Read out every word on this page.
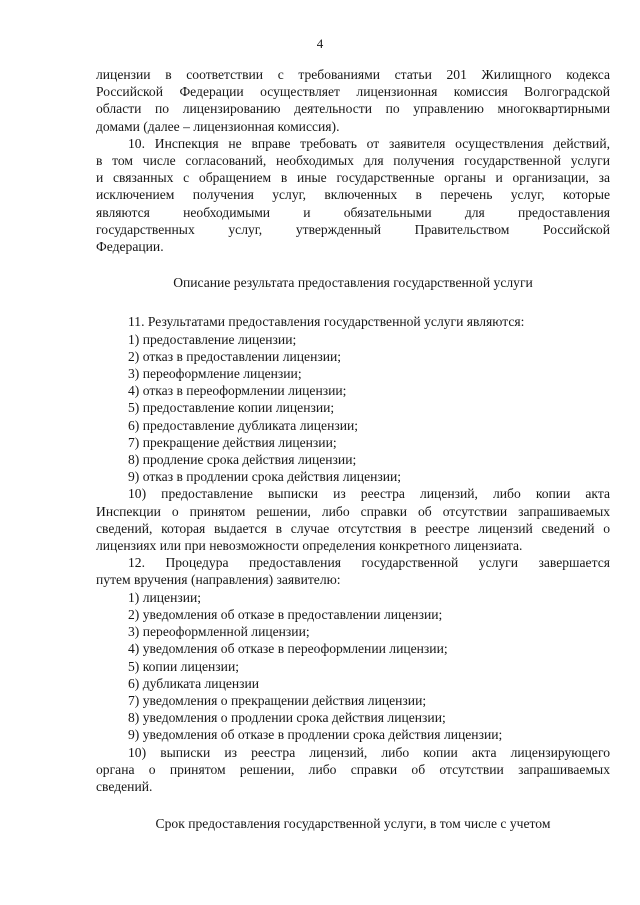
4

лицензии в соответствии с требованиями статьи 201 Жилищного кодекса

Российской Федерации осуществляет лицензионная комиссия Волгоградской

области по лицензированию деятельности по управлению многоквартирными

домами (далее – лицензионная комиссия).

10. Инспекция не вправе требовать от заявителя осуществления действий,

в том числе согласований, необходимых для получения государственной услуги

и связанных с обращением в иные государственные органы и организации, за

исключением получения услуг, включенных в перечень услуг, которые

являются необходимыми и обязательными для предоставления

государственных услуг, утвержденный Правительством Российской

Федерации.

Описание результата предоставления государственной услуги

11. Результатами предоставления государственной услуги являются:

1) предоставление лицензии;

2) отказ в предоставлении лицензии;

3) переоформление лицензии;

4) отказ в переоформлении лицензии;

5) предоставление копии лицензии;

6) предоставление дубликата лицензии;

7) прекращение действия лицензии;

8) продление срока действия лицензии;

9) отказ в продлении срока действия лицензии;

10) предоставление выписки из реестра лицензий, либо копии акта

Инспекции о принятом решении, либо справки об отсутствии запрашиваемых

сведений, которая выдается в случае отсутствия в реестре лицензий сведений о

лицензиях или при невозможности определения конкретного лицензиата.

12. Процедура предоставления государственной услуги завершается

путем вручения (направления) заявителю:

1) лицензии;

2) уведомления об отказе в предоставлении лицензии;

3) переоформленной лицензии;

4) уведомления об отказе в переоформлении лицензии;

5) копии лицензии;

6) дубликата лицензии

7) уведомления о прекращении действия лицензии;

8) уведомления о продлении срока действия лицензии;

9) уведомления об отказе в продлении срока действия лицензии;

10) выписки из реестра лицензий, либо копии акта лицензирующего

органа о принятом решении, либо справки об отсутствии запрашиваемых

сведений.

Срок предоставления государственной услуги, в том числе с учетом
